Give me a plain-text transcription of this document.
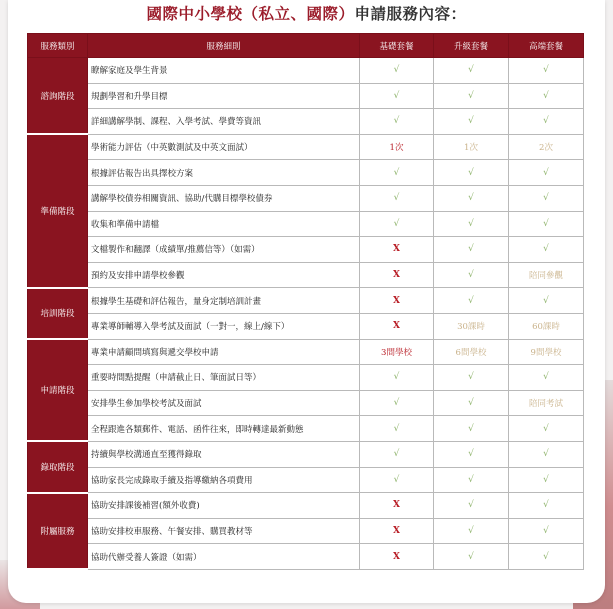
國際中小學校（私立、國際）申請服務內容：
服務類別	服務細則	基礎套餐	升級套餐	高端套餐
諮詢階段	瞭解家庭及學生背景	√	√	√
	規劃學習和升學目標	√	√	√
	詳細講解學制、課程、入學考試、學費等資訊	√	√	√
準備階段	學術能力評估（中英數測試及中英文面試）	1次	1次	2次
	根據評估報告出具擇校方案	√	√	√
	講解學校債券相關資訊、協助/代購目標學校債券	√	√	√
	收集和準備申請檔	√	√	√
	文檔製作和翻譯（成績單/推薦信等）（如需）	X	√	√
	預約及安排申請學校參觀	X	√	陪同參觀
培訓階段	根據學生基礎和評估報告，量身定制培訓計畫	X	√	√
	專業導師輔導入學考試及面試（一對一，線上/線下）	X	30課時	60課時
申請階段	專業申請顧問填寫與遞交學校申請	3間學校	6間學校	9間學校
	重要時間點提醒（申請截止日、筆面試日等）	√	√	√
	安排學生參加學校考試及面試	√	√	陪同考試
	全程跟進各類郵件、電話、函件往來，即時轉達最新動態	√	√	√
錄取階段	持續與學校溝通直至獲得錄取	√	√	√
	協助家長完成錄取手續及指導繳納各項費用	√	√	√
附屬服務	協助安排課後補習(額外收費)	X	√	√
	協助安排校車服務、午餐安排、購買教材等	X	√	√
	協助代辦受養人簽證（如需）	X	√	√
